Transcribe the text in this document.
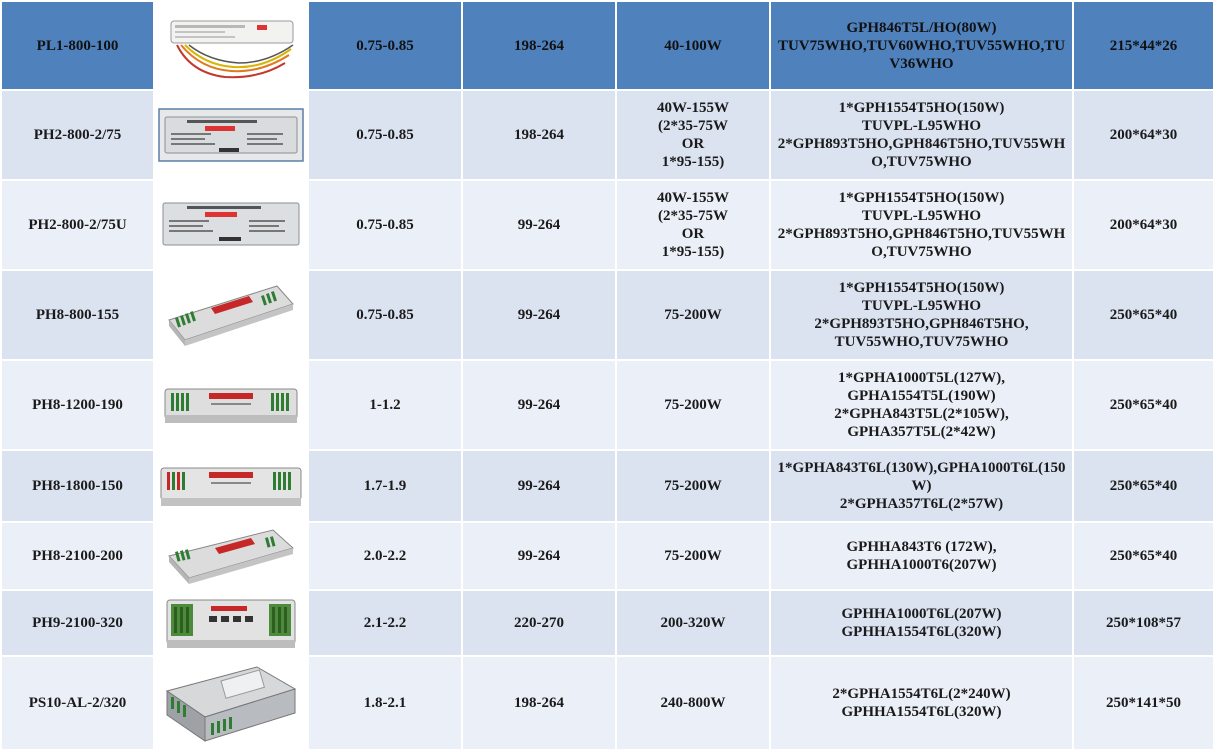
PL1-800-100		0.75-0.85	198-264	40-100W	GPH846T5L/HO(80W)
TUV75WHO,TUV60WHO,TUV55WHO,TUV36WHO	215*44*26
PH2-800-2/75		0.75-0.85	198-264	40W-155W
(2*35-75W
OR
1*95-155)	1*GPH1554T5HO(150W)
TUVPL-L95WHO
2*GPH893T5HO,GPH846T5HO,TUV55WHO,TUV75WHO	200*64*30
PH2-800-2/75U		0.75-0.85	99-264	40W-155W
(2*35-75W
OR
1*95-155)	1*GPH1554T5HO(150W)
TUVPL-L95WHO
2*GPH893T5HO,GPH846T5HO,TUV55WHO,TUV75WHO	200*64*30
PH8-800-155		0.75-0.85	99-264	75-200W	1*GPH1554T5HO(150W)
TUVPL-L95WHO
2*GPH893T5HO,GPH846T5HO,
TUV55WHO,TUV75WHO	250*65*40
PH8-1200-190		1-1.2	99-264	75-200W	1*GPHA1000T5L(127W),
GPHA1554T5L(190W)
2*GPHA843T5L(2*105W),
GPHA357T5L(2*42W)	250*65*40
PH8-1800-150		1.7-1.9	99-264	75-200W	1*GPHA843T6L(130W),GPHA1000T6L(150W)
2*GPHA357T6L(2*57W)	250*65*40
PH8-2100-200		2.0-2.2	99-264	75-200W	GPHHA843T6 (172W),
GPHHA1000T6(207W)	250*65*40
PH9-2100-320		2.1-2.2	220-270	200-320W	GPHHA1000T6L(207W)
GPHHA1554T6L(320W)	250*108*57
PS10-AL-2/320		1.8-2.1	198-264	240-800W	2*GPHA1554T6L(2*240W)
GPHHA1554T6L(320W)	250*141*50
